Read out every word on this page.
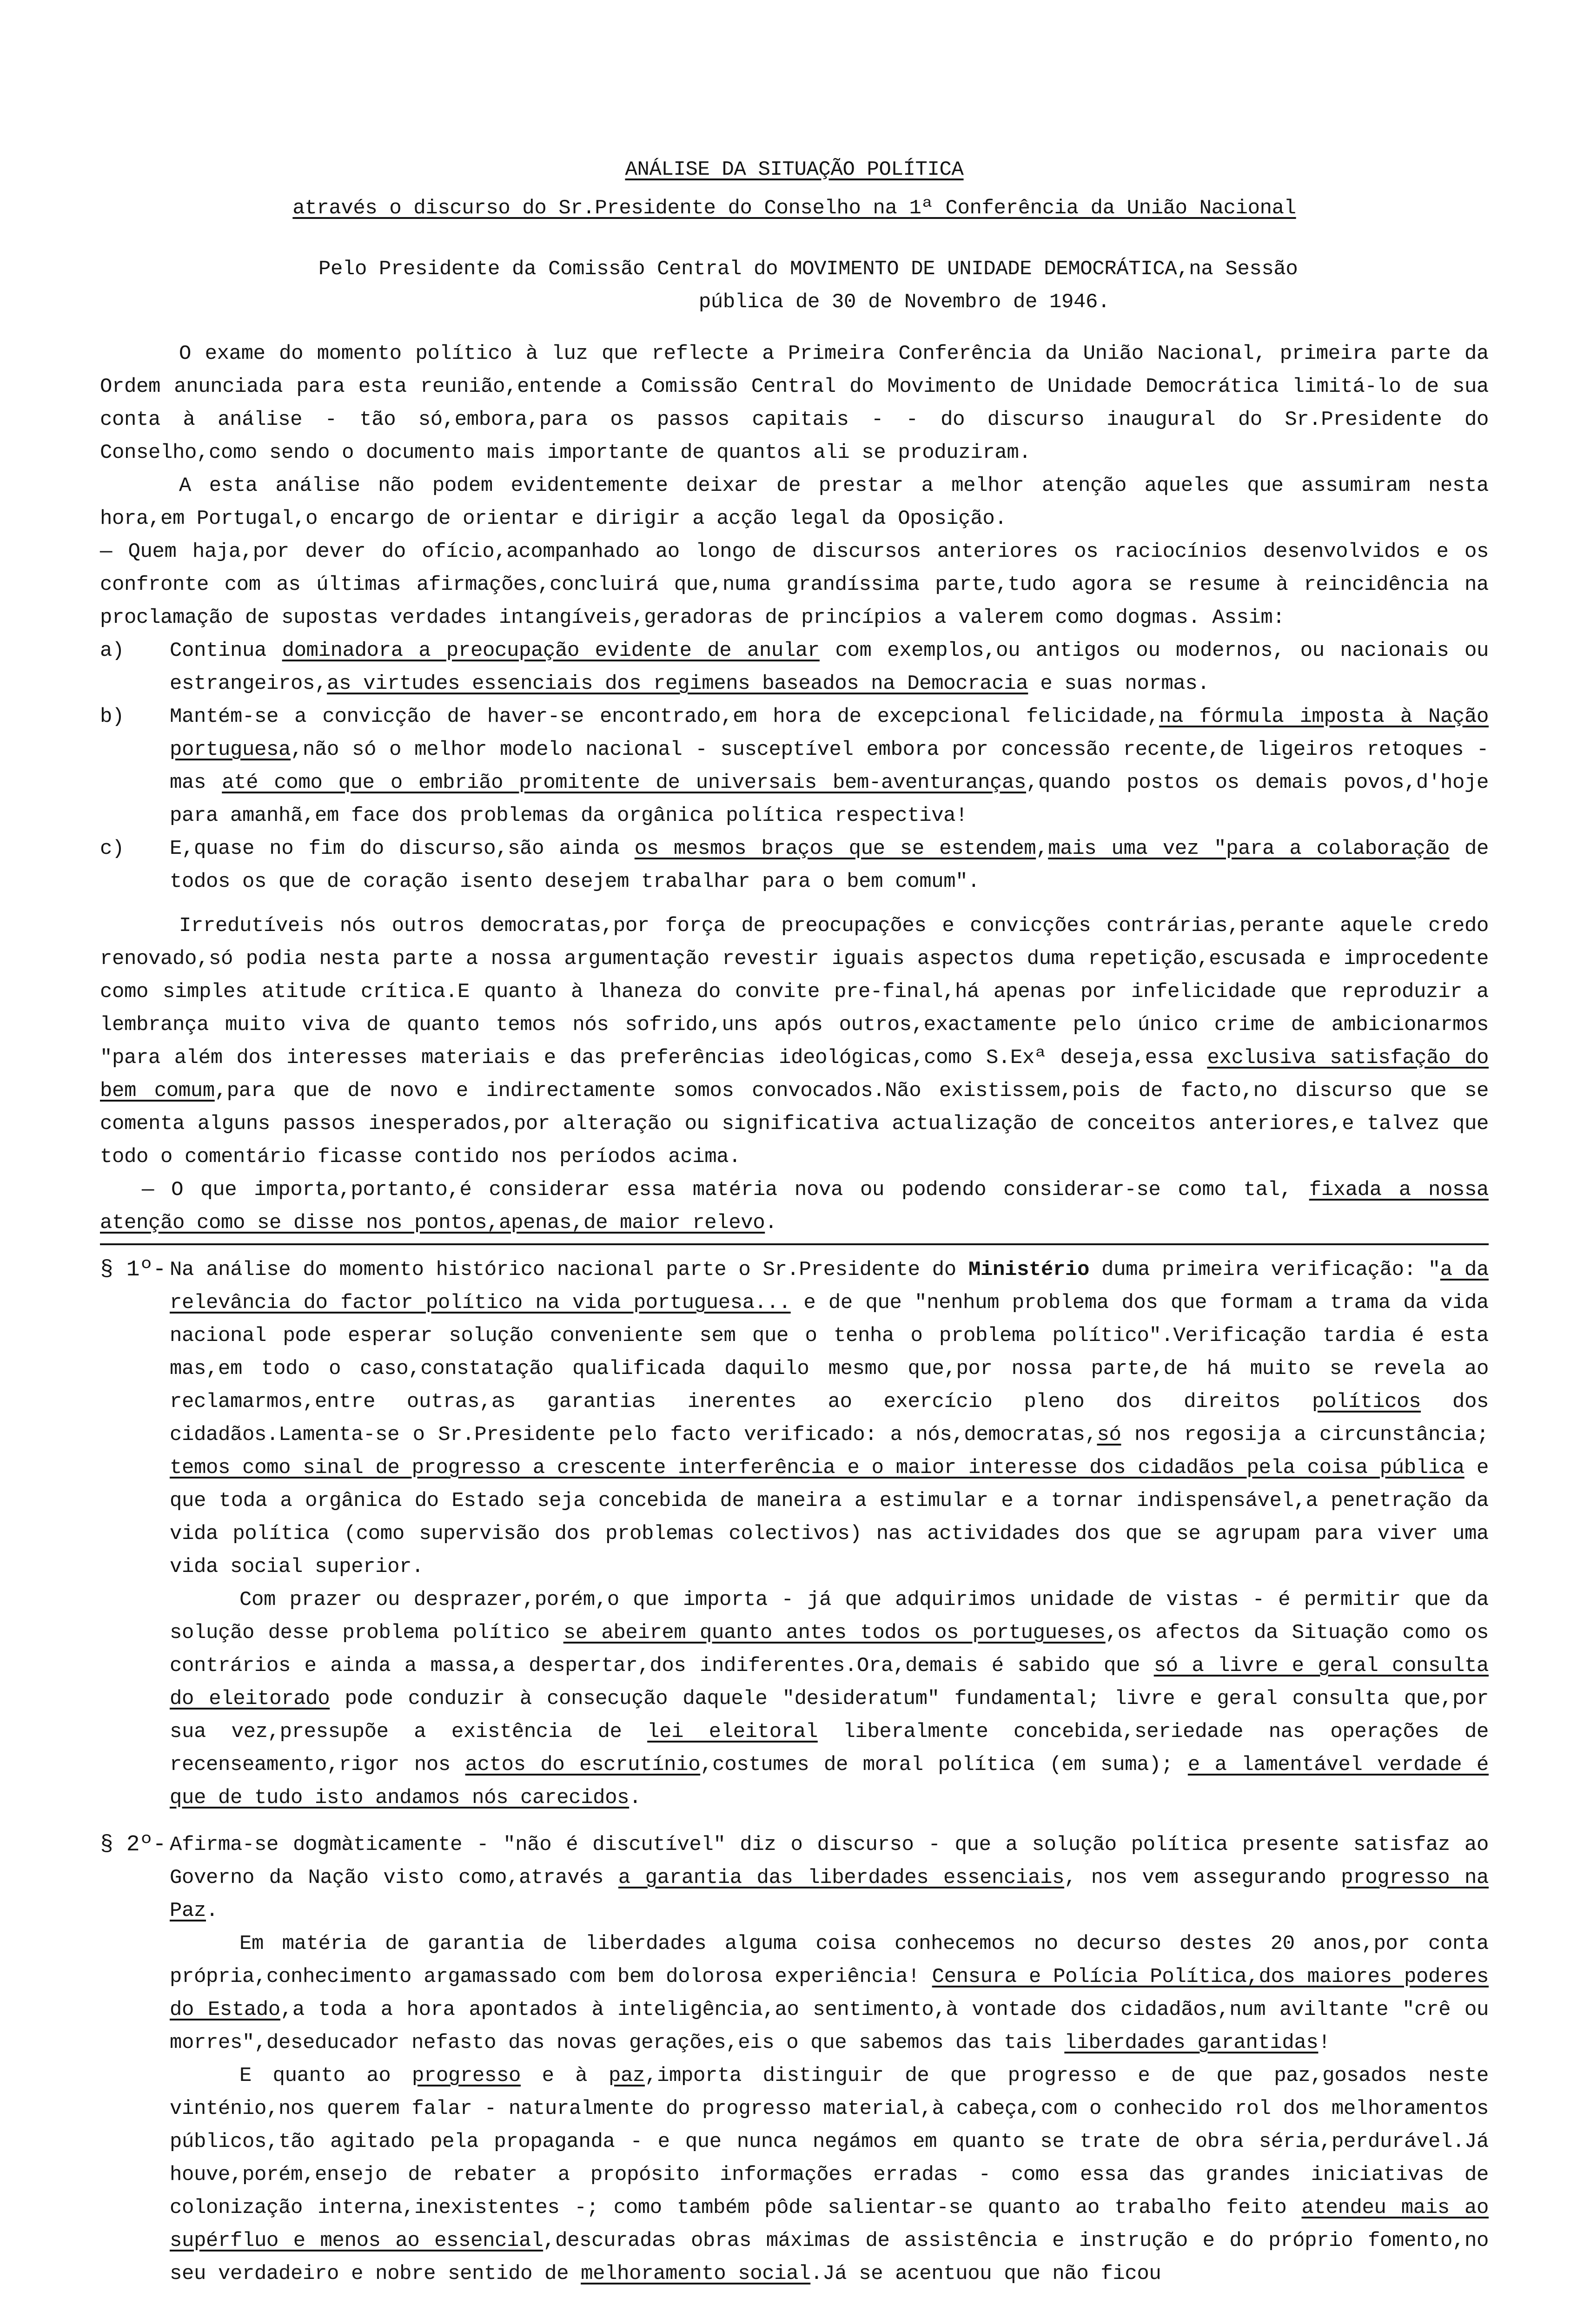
ANÁLISE DA SITUAÇÃO POLÍTICA
através o discurso do Sr.Presidente do Conselho na 1ª Conferência da União Nacional
Pelo Presidente da Comissão Central do MOVIMENTO DE UNIDADE DEMOCRÁTICA,na Sessão
pública de 30 de Novembro de 1946.

O exame do momento político à luz que reflecte a Primeira Conferência da União Nacional, primeira parte da Ordem anunciada para esta reunião,entende a Comissão Central do Movimento de Unidade Democrática limitá-lo de sua conta à análise - tão só,embora,para os passos capitais - - do discurso inaugural do Sr.Presidente do Conselho,como sendo o documento mais importante de quantos ali se produziram.

A esta análise não podem evidentemente deixar de prestar a melhor atenção aqueles que assumiram nesta hora,em Portugal,o encargo de orientar e dirigir a acção legal da Oposição.

— Quem haja,por dever do ofício,acompanhado ao longo de discursos anteriores os raciocínios desenvolvidos e os confronte com as últimas afirmações,concluirá que,numa grandíssima parte,tudo agora se resume à reincidência na proclamação de supostas verdades intangíveis,geradoras de princípios a valerem como dogmas. Assim:

a)	Continua dominadora a preocupação evidente de anular com exemplos,ou antigos ou modernos, ou nacionais ou estrangeiros,as virtudes essenciais dos regimens baseados na Democracia e suas normas.
b)	Mantém-se a convicção de haver-se encontrado,em hora de excepcional felicidade,na fórmula imposta à Nação portuguesa,não só o melhor modelo nacional - susceptível embora por concessão recente,de ligeiros retoques - mas até como que o embrião promitente de universais bem-aventuranças,quando postos os demais povos,d'hoje para amanhã,em face dos problemas da orgânica política respectiva!
c)	E,quase no fim do discurso,são ainda os mesmos braços que se estendem,mais uma vez "para a colaboração de todos os que de coração isento desejem trabalhar para o bem comum".

Irredutíveis nós outros democratas,por força de preocupações e convicções contrárias,perante aquele credo renovado,só podia nesta parte a nossa argumentação revestir iguais aspectos duma repetição,escusada e improcedente como simples atitude crítica.E quanto à lhaneza do convite pre-final,há apenas por infelicidade que reproduzir a lembrança muito viva de quanto temos nós sofrido,uns após outros,exactamente pelo único crime de ambicionarmos "para além dos interesses materiais e das preferências ideológicas,como S.Exª deseja,essa exclusiva satisfação do bem comum,para que de novo e indirectamente somos convocados.Não existissem,pois de facto,no discurso que se comenta alguns passos inesperados,por alteração ou significativa actualização de conceitos anteriores,e talvez que todo o comentário ficasse contido nos períodos acima.

— O que importa,portanto,é considerar essa matéria nova ou podendo considerar-se como tal, fixada a nossa atenção como se disse nos pontos,apenas,de maior relevo.

§ 1º- Na análise do momento histórico nacional parte o Sr.Presidente do Ministério duma primeira verificação: "a da relevância do factor político na vida portuguesa... e de que "nenhum problema dos que formam a trama da vida nacional pode esperar solução conveniente sem que o tenha o problema político".Verificação tardia é esta mas,em todo o caso,constatação qualificada daquilo mesmo que,por nossa parte,de há muito se revela ao reclamarmos,entre outras,as garantias inerentes ao exercício pleno dos direitos políticos dos cidadãos.Lamenta-se o Sr.Presidente pelo facto verificado: a nós,democratas,só nos regosija a circunstância; temos como sinal de progresso a crescente interferência e o maior interesse dos cidadãos pela coisa pública e que toda a orgânica do Estado seja concebida de maneira a estimular e a tornar indispensável,a penetração da vida política (como supervisão dos problemas colectivos) nas actividades dos que se agrupam para viver uma vida social superior.

Com prazer ou desprazer,porém,o que importa - já que adquirimos unidade de vistas - é permitir que da solução desse problema político se abeirem quanto antes todos os portugueses,os afectos da Situação como os contrários e ainda a massa,a despertar,dos indiferentes.Ora,demais é sabido que só a livre e geral consulta do eleitorado pode conduzir à consecução daquele "desideratum" fundamental; livre e geral consulta que,por sua vez,pressupõe a existência de lei eleitoral liberalmente concebida,seriedade nas operações de recenseamento,rigor nos actos do escrutínio,costumes de moral política (em suma); e a lamentável verdade é que de tudo isto andamos nós carecidos.

§ 2º- Afirma-se dogmàticamente - "não é discutível" diz o discurso - que a solução política presente satisfaz ao Governo da Nação visto como,através a garantia das liberdades essenciais, nos vem assegurando progresso na Paz.

Em matéria de garantia de liberdades alguma coisa conhecemos no decurso destes 20 anos,por conta própria,conhecimento argamassado com bem dolorosa experiência! Censura e Polícia Política,dos maiores poderes do Estado,a toda a hora apontados à inteligência,ao sentimento,à vontade dos cidadãos,num aviltante "crê ou morres",deseducador nefasto das novas gerações,eis o que sabemos das tais liberdades garantidas!

E quanto ao progresso e à paz,importa distinguir de que progresso e de que paz,gosados neste vinténio,nos querem falar - naturalmente do progresso material,à cabeça,com o conhecido rol dos melhoramentos públicos,tão agitado pela propaganda - e que nunca negámos em quanto se trate de obra séria,perdurável.Já houve,porém,ensejo de rebater a propósito informações erradas - como essa das grandes iniciativas de colonização interna,inexistentes -; como também pôde salientar-se quanto ao trabalho feito atendeu mais ao supérfluo e menos ao essencial,descuradas obras máximas de assistência e instrução e do próprio fomento,no seu verdadeiro e nobre sentido de melhoramento social.Já se acentuou que não ficou
